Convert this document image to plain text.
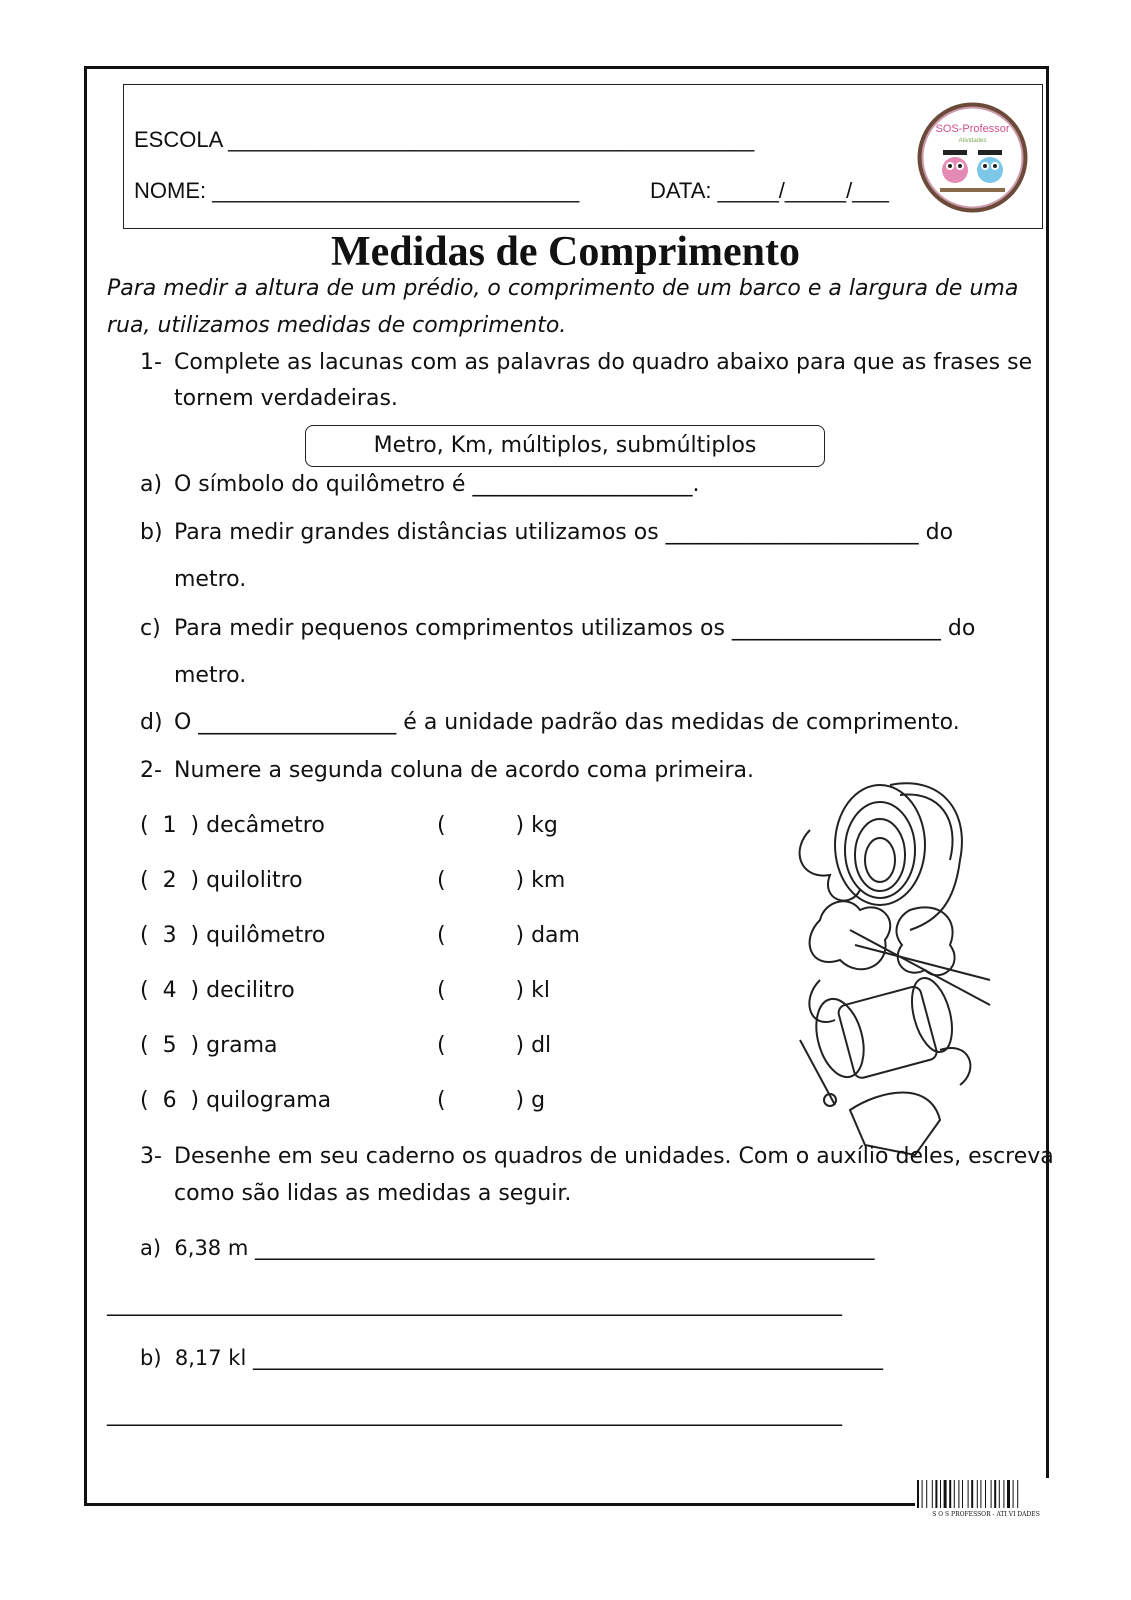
ESCOLA ___________________________________________
NOME: ______________________________	DATA: _____/_____/___
SOS-Professor
Atividades
Medidas de Comprimento
Para medir a altura de um prédio, o comprimento de um barco e a largura de uma
rua, utilizamos medidas de comprimento.
1- Complete as lacunas com as palavras do quadro abaixo para que as frases se
tornem verdadeiras.
Metro, Km, múltiplos, submúltiplos
a) O símbolo do quilômetro é ____________________.
b) Para medir grandes distâncias utilizamos os _______________________ do
metro.
c) Para medir pequenos comprimentos utilizamos os ___________________ do
metro.
d) O __________________ é a unidade padrão das medidas de comprimento.
2- Numere a segunda coluna de acordo coma primeira.
(  1  ) decâmetro
(  2  ) quilolitro
(  3  ) quilômetro
(  4  ) decilitro
(  5  ) grama
(  6  ) quilograma
(          ) kg
(          ) km
(          ) dam
(          ) kl
(          ) dl
(          ) g
3- Desenhe em seu caderno os quadros de unidades. Com o auxílio deles, escreva
como são lidas as medidas a seguir.
a)  6,38 m ___________________________________________________________
______________________________________________________________________
b)  8,17 kl ____________________________________________________________
______________________________________________________________________
S O S PROFESSOR - ATI VI DADES
